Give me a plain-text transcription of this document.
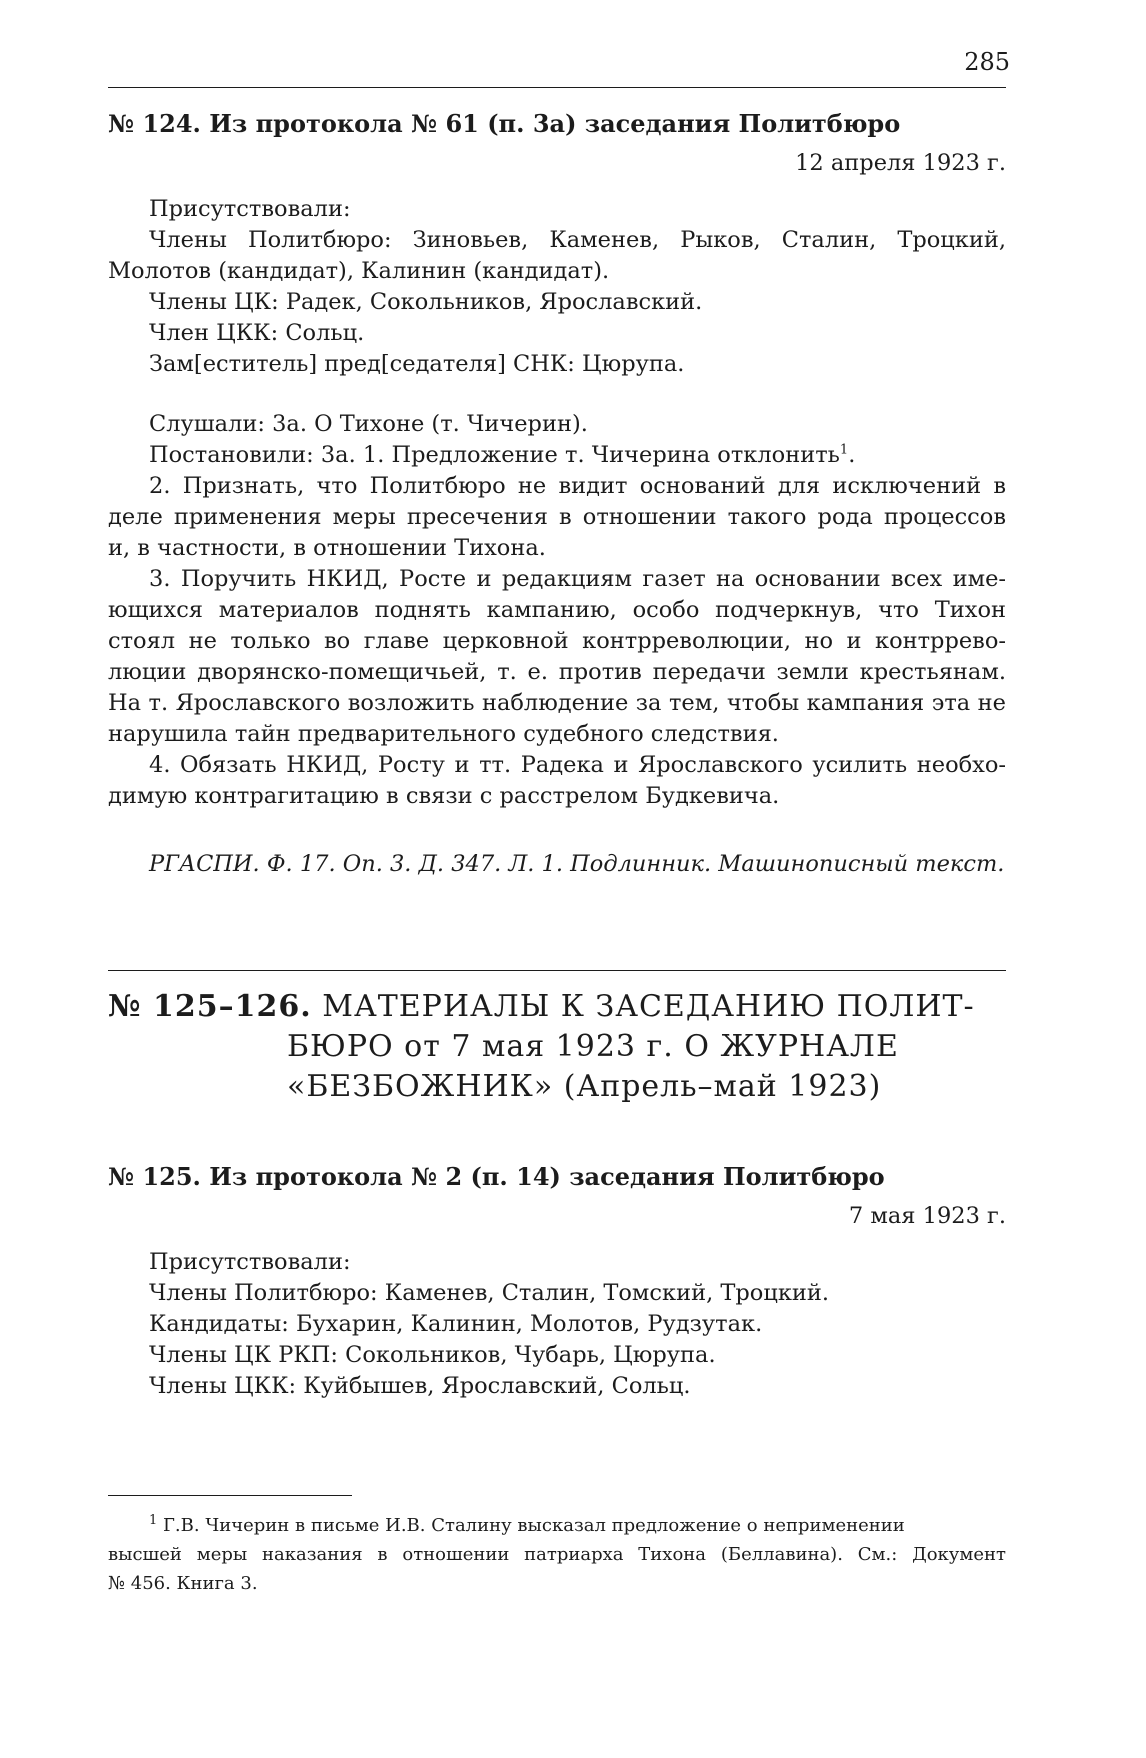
285
№ 124. Из протокола № 61 (п. 3а) заседания Политбюро
12 апреля 1923 г.
Присутствовали:
Члены Политбюро: Зиновьев, Каменев, Рыков, Сталин, Троцкий,
Молотов (кандидат), Калинин (кандидат).
Члены ЦК: Радек, Сокольников, Ярославский.
Член ЦКК: Сольц.
Зам[еститель] пред[седателя] СНК: Цюрупа.
Слушали: 3а. О Тихоне (т. Чичерин).
Постановили: 3а. 1. Предложение т. Чичерина отклонить$^1$.
2. Признать, что Политбюро не видит оснований для исключений в
деле применения меры пресечения в отношении такого рода процессов
и, в частности, в отношении Тихона.
3. Поручить НКИД, Росте и редакциям газет на основании всех име-
ющихся материалов поднять кампанию, особо подчеркнув, что Тихон
стоял не только во главе церковной контрреволюции, но и контррево-
люции дворянско-помещичьей, т. е. против передачи земли крестьянам.
На т. Ярославского возложить наблюдение за тем, чтобы кампания эта не
нарушила тайн предварительного судебного следствия.
4. Обязать НКИД, Росту и тт. Радека и Ярославского усилить необхо-
димую контрагитацию в связи с расстрелом Будкевича.
РГАСПИ. Ф. 17. Оп. 3. Д. 347. Л. 1. Подлинник. Машинописный текст.
№ 125–126. МАТЕРИАЛЫ К ЗАСЕДАНИЮ ПОЛИТ-
БЮРО от 7 мая 1923 г. О ЖУРНАЛЕ
«БЕЗБОЖНИК» (Апрель–май 1923)
№ 125. Из протокола № 2 (п. 14) заседания Политбюро
7 мая 1923 г.
Присутствовали:
Члены Политбюро: Каменев, Сталин, Томский, Троцкий.
Кандидаты: Бухарин, Калинин, Молотов, Рудзутак.
Члены ЦК РКП: Сокольников, Чубарь, Цюрупа.
Члены ЦКК: Куйбышев, Ярославский, Сольц.
$^1$ Г.В. Чичерин в письме И.В. Сталину высказал предложение о неприменении
высшей меры наказания в отношении патриарха Тихона (Беллавина). См.: Документ
№ 456. Книга 3.
